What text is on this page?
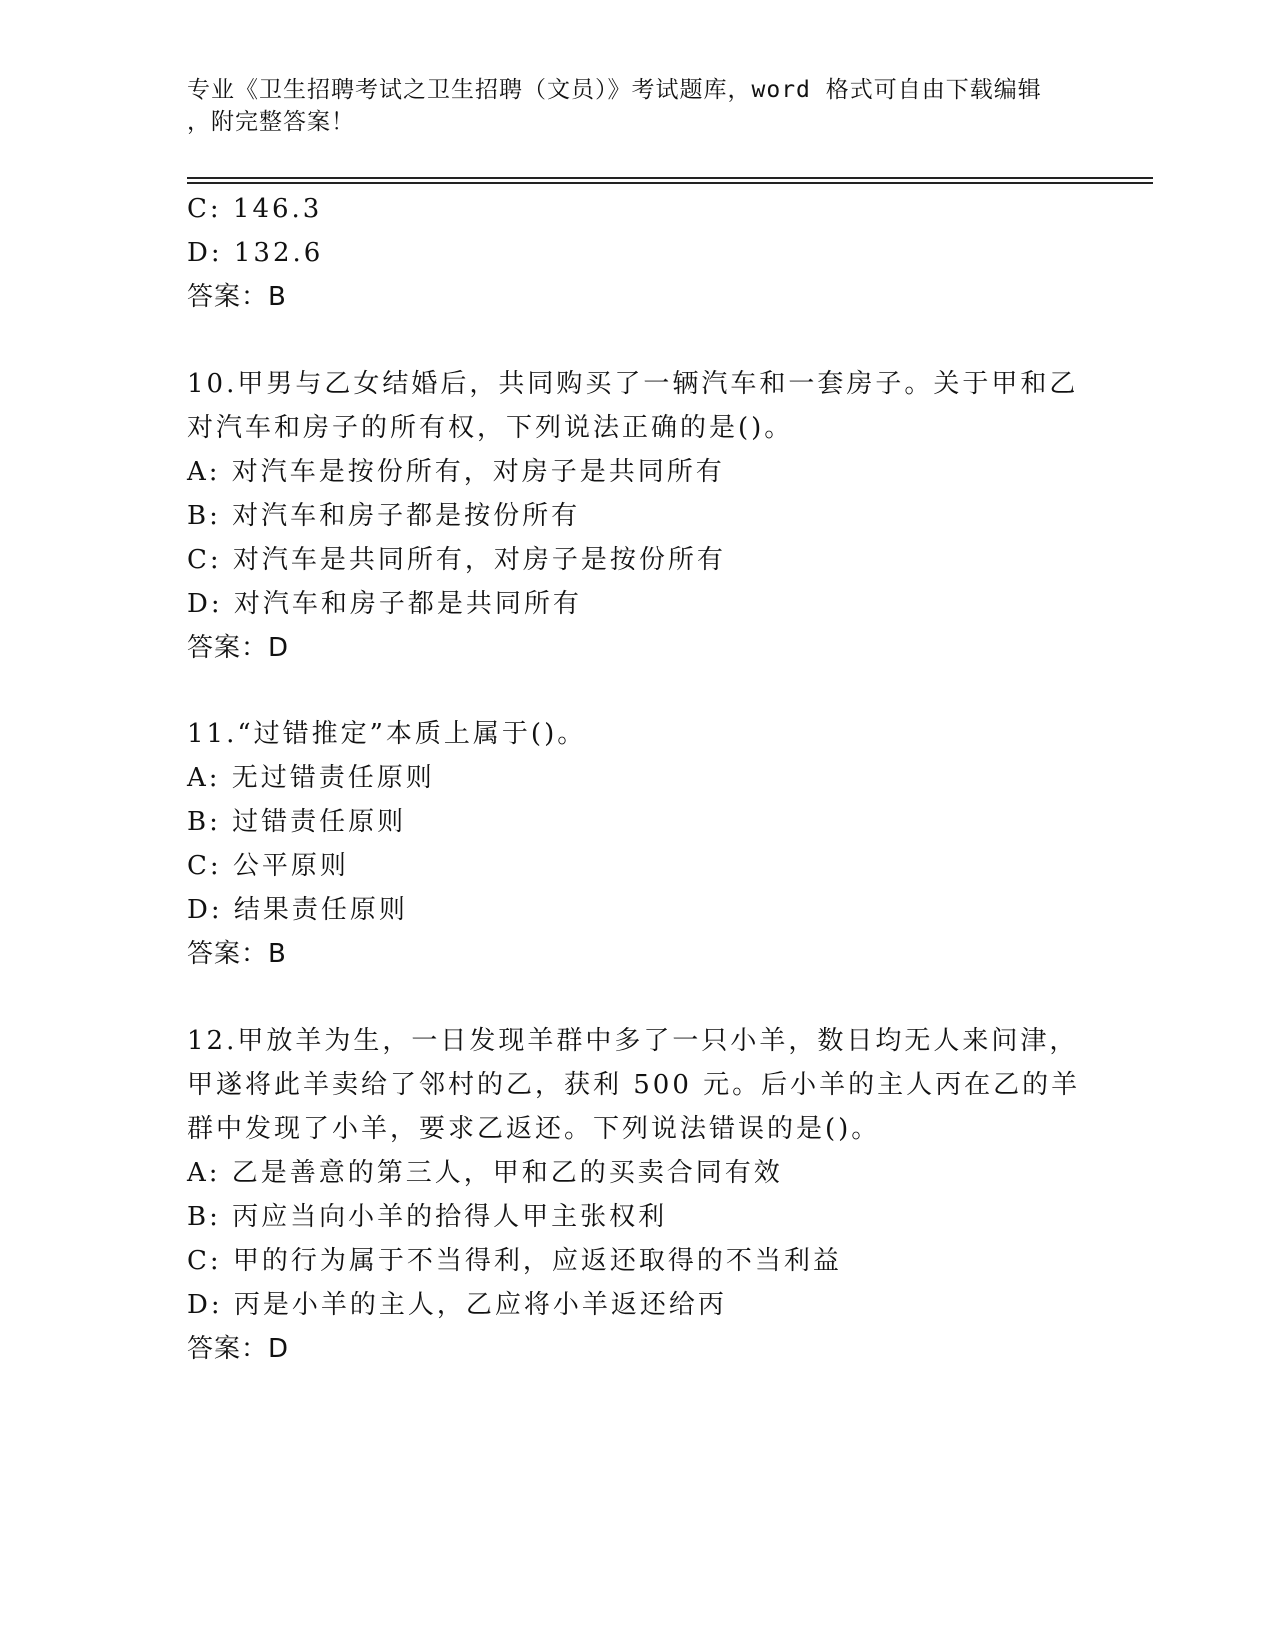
专业《卫生招聘考试之卫生招聘（文员）》考试题库，word 格式可自由下载编辑
，附完整答案！
C: 146.3
D: 132.6
答案：B
10.甲男与乙女结婚后，共同购买了一辆汽车和一套房子。关于甲和乙
对汽车和房子的所有权，下列说法正确的是()。
A: 对汽车是按份所有，对房子是共同所有
B: 对汽车和房子都是按份所有
C: 对汽车是共同所有，对房子是按份所有
D: 对汽车和房子都是共同所有
答案：D
11.“过错推定”本质上属于()。
A: 无过错责任原则
B: 过错责任原则
C: 公平原则
D: 结果责任原则
答案：B
12.甲放羊为生，一日发现羊群中多了一只小羊，数日均无人来问津，
甲遂将此羊卖给了邻村的乙，获利 500 元。后小羊的主人丙在乙的羊
群中发现了小羊，要求乙返还。下列说法错误的是()。
A: 乙是善意的第三人，甲和乙的买卖合同有效
B: 丙应当向小羊的拾得人甲主张权利
C: 甲的行为属于不当得利，应返还取得的不当利益
D: 丙是小羊的主人，乙应将小羊返还给丙
答案：D
